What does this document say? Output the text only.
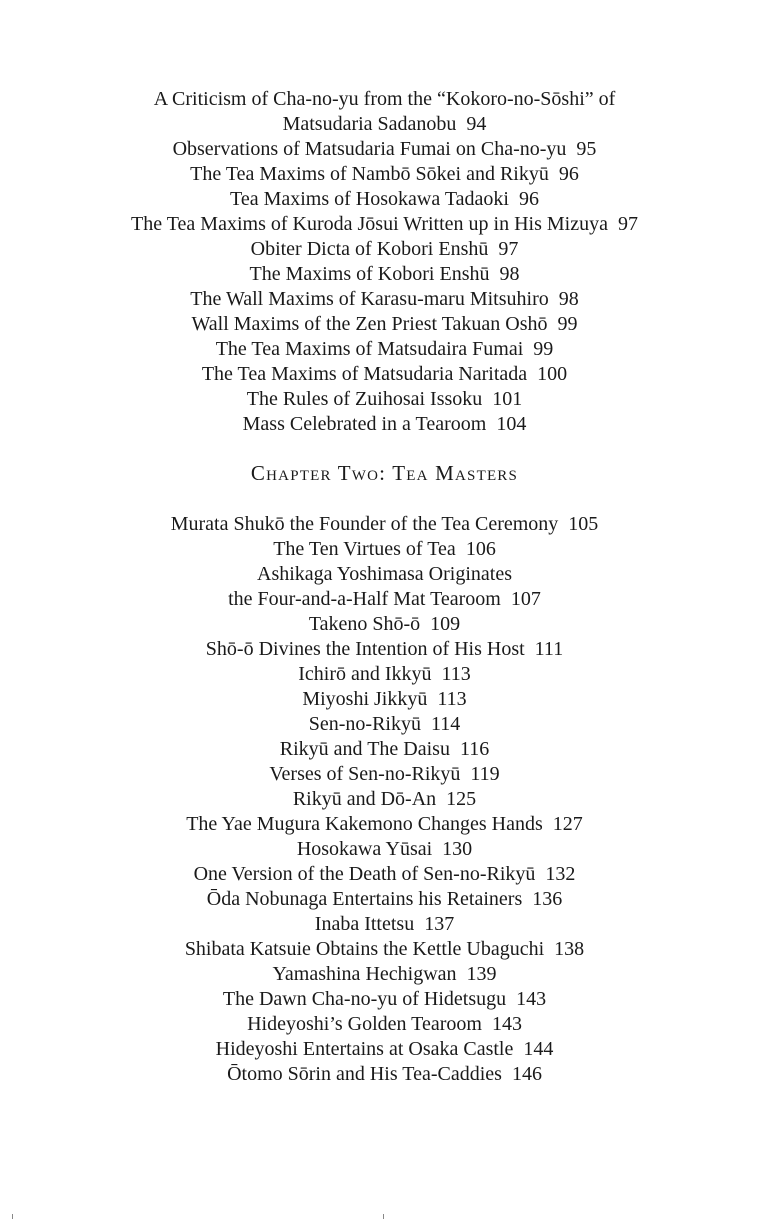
A Criticism of Cha-no-yu from the “Kokoro-no-Sōshi” of
Matsudaria Sadanobu 94
Observations of Matsudaria Fumai on Cha-no-yu 95
The Tea Maxims of Nambō Sōkei and Rikyū 96
Tea Maxims of Hosokawa Tadaoki 96
The Tea Maxims of Kuroda Jōsui Written up in His Mizuya 97
Obiter Dicta of Kobori Enshū 97
The Maxims of Kobori Enshū 98
The Wall Maxims of Karasu-maru Mitsuhiro 98
Wall Maxims of the Zen Priest Takuan Oshō 99
The Tea Maxims of Matsudaira Fumai 99
The Tea Maxims of Matsudaria Naritada 100
The Rules of Zuihosai Issoku 101
Mass Celebrated in a Tearoom 104
Chapter Two: Tea Masters
Murata Shukō the Founder of the Tea Ceremony 105
The Ten Virtues of Tea 106
Ashikaga Yoshimasa Originates
the Four-and-a-Half Mat Tearoom 107
Takeno Shō-ō 109
Shō-ō Divines the Intention of His Host 111
Ichirō and Ikkyū 113
Miyoshi Jikkyū 113
Sen-no-Rikyū 114
Rikyū and The Daisu 116
Verses of Sen-no-Rikyū 119
Rikyū and Dō-An 125
The Yae Mugura Kakemono Changes Hands 127
Hosokawa Yūsai 130
One Version of the Death of Sen-no-Rikyū 132
Ōda Nobunaga Entertains his Retainers 136
Inaba Ittetsu 137
Shibata Katsuie Obtains the Kettle Ubaguchi 138
Yamashina Hechigwan 139
The Dawn Cha-no-yu of Hidetsugu 143
Hideyoshi’s Golden Tearoom 143
Hideyoshi Entertains at Osaka Castle 144
Ōtomo Sōrin and His Tea-Caddies 146
